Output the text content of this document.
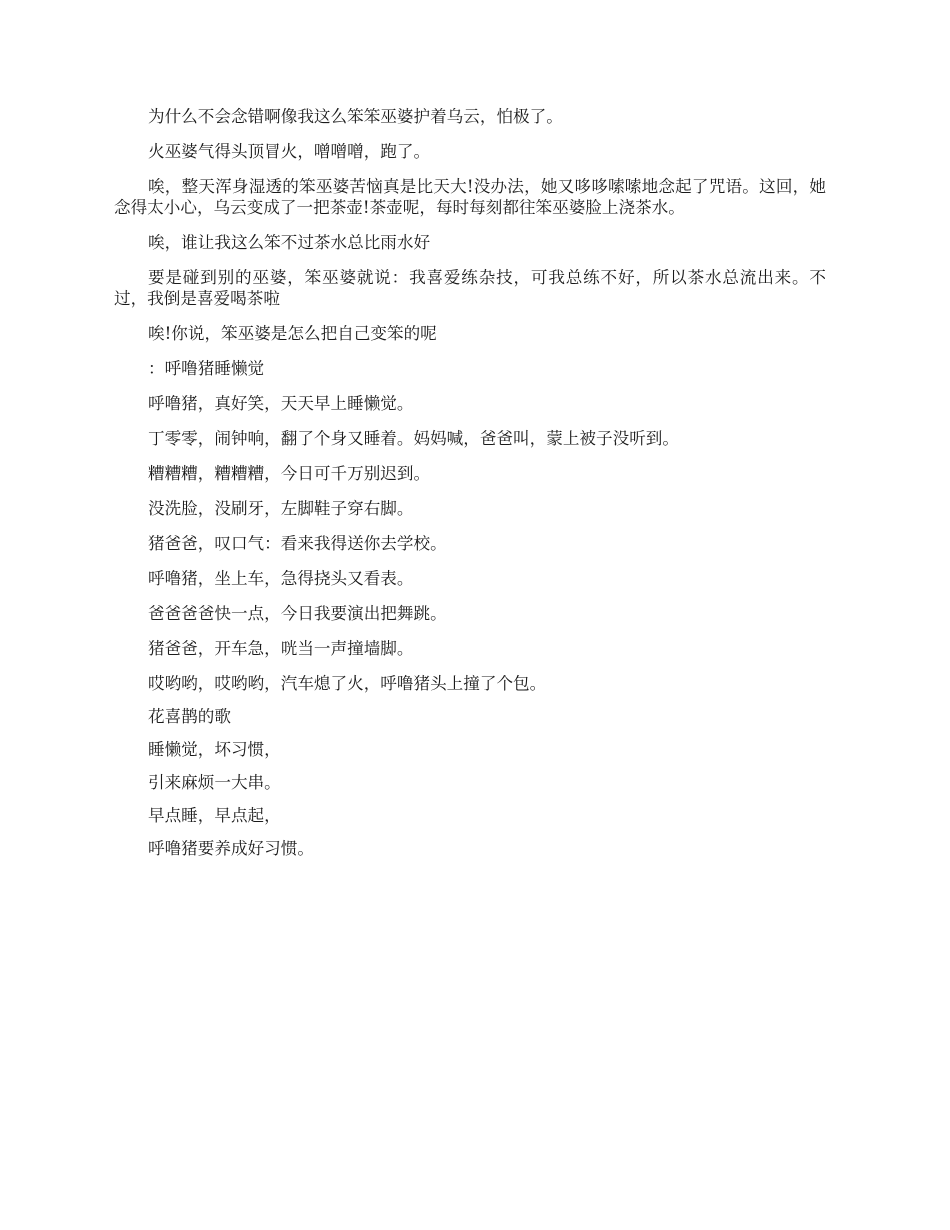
为什么不会念错啊像我这么笨笨巫婆护着乌云，怕极了。

火巫婆气得头顶冒火，噌噌噌，跑了。

唉，整天浑身湿透的笨巫婆苦恼真是比天大!没办法，她又哆哆嗦嗦地念起了咒语。这回，她念得太小心，乌云变成了一把茶壶!茶壶呢，每时每刻都往笨巫婆脸上浇茶水。

唉，谁让我这么笨不过茶水总比雨水好

要是碰到别的巫婆，笨巫婆就说：我喜爱练杂技，可我总练不好，所以茶水总流出来。不过，我倒是喜爱喝茶啦

唉!你说，笨巫婆是怎么把自己变笨的呢

：呼噜猪睡懒觉

呼噜猪，真好笑，天天早上睡懒觉。

丁零零，闹钟响，翻了个身又睡着。妈妈喊，爸爸叫，蒙上被子没听到。

糟糟糟，糟糟糟，今日可千万别迟到。

没洗脸，没刷牙，左脚鞋子穿右脚。

猪爸爸，叹口气：看来我得送你去学校。

呼噜猪，坐上车，急得挠头又看表。

爸爸爸爸快一点，今日我要演出把舞跳。

猪爸爸，开车急，咣当一声撞墙脚。

哎哟哟，哎哟哟，汽车熄了火，呼噜猪头上撞了个包。

花喜鹊的歌

睡懒觉，坏习惯，

引来麻烦一大串。

早点睡，早点起，

呼噜猪要养成好习惯。
